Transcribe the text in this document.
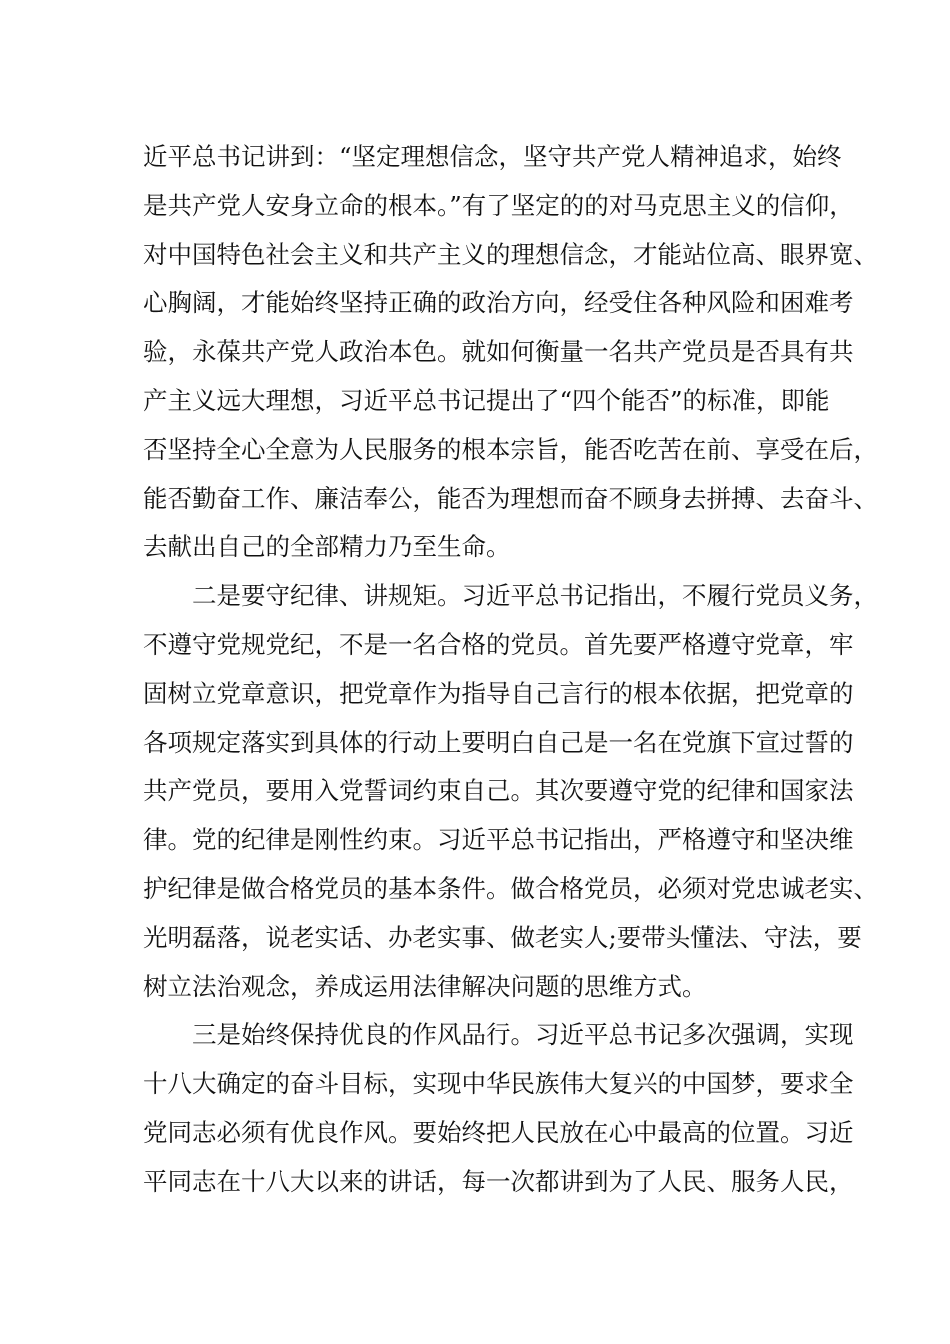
近平总书记讲到：“坚定理想信念，坚守共产党人精神追求，始终
是共产党人安身立命的根本。”有了坚定的的对马克思主义的信仰，
对中国特色社会主义和共产主义的理想信念，才能站位高、眼界宽、
心胸阔，才能始终坚持正确的政治方向，经受住各种风险和困难考
验，永葆共产党人政治本色。就如何衡量一名共产党员是否具有共
产主义远大理想，习近平总书记提出了“四个能否”的标准，即能
否坚持全心全意为人民服务的根本宗旨，能否吃苦在前、享受在后，
能否勤奋工作、廉洁奉公，能否为理想而奋不顾身去拼搏、去奋斗、
去献出自己的全部精力乃至生命。
二是要守纪律、讲规矩。习近平总书记指出，不履行党员义务，
不遵守党规党纪，不是一名合格的党员。首先要严格遵守党章，牢
固树立党章意识，把党章作为指导自己言行的根本依据，把党章的
各项规定落实到具体的行动上要明白自己是一名在党旗下宣过誓的
共产党员，要用入党誓词约束自己。其次要遵守党的纪律和国家法
律。党的纪律是刚性约束。习近平总书记指出，严格遵守和坚决维
护纪律是做合格党员的基本条件。做合格党员，必须对党忠诚老实、
光明磊落，说老实话、办老实事、做老实人;要带头懂法、守法，要
树立法治观念，养成运用法律解决问题的思维方式。
三是始终保持优良的作风品行。习近平总书记多次强调，实现
十八大确定的奋斗目标，实现中华民族伟大复兴的中国梦，要求全
党同志必须有优良作风。要始终把人民放在心中最高的位置。习近
平同志在十八大以来的讲话，每一次都讲到为了人民、服务人民，
